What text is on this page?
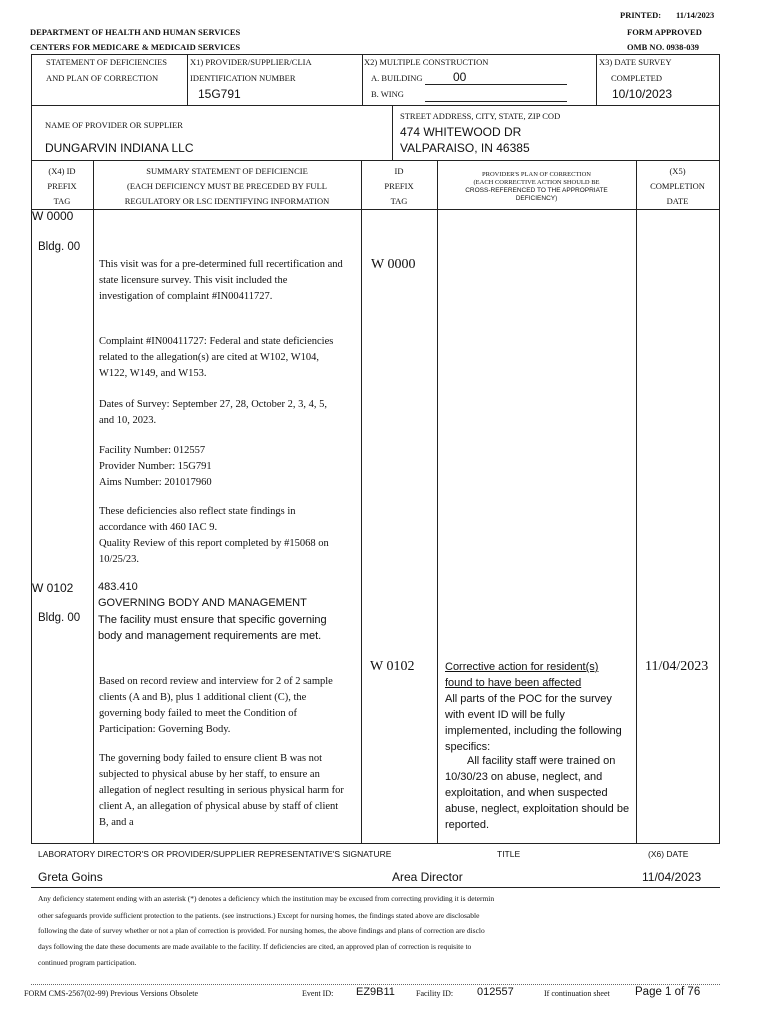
PRINTED: 11/14/2023
DEPARTMENT OF HEALTH AND HUMAN SERVICES	FORM APPROVED
CENTERS FOR MEDICARE & MEDICAID SERVICES	OMB NO. 0938-039
STATEMENT OF DEFICIENCIES
AND PLAN OF CORRECTION
X1) PROVIDER/SUPPLIER/CLIA
IDENTIFICATION NUMBER
15G791
X2) MULTIPLE CONSTRUCTION
A. BUILDING	00
B. WING
X3) DATE SURVEY
COMPLETED
10/10/2023
NAME OF PROVIDER OR SUPPLIER
DUNGARVIN INDIANA LLC
STREET ADDRESS, CITY, STATE, ZIP COD
474 WHITEWOOD DR
VALPARAISO, IN 46385
(X4) ID
PREFIX
TAG
SUMMARY STATEMENT OF DEFICIENCIE
(EACH DEFICIENCY MUST BE PRECEDED BY FULL
REGULATORY OR LSC IDENTIFYING INFORMATION
ID
PREFIX
TAG
PROVIDER'S PLAN OF CORRECTION
(EACH CORRECTIVE ACTION SHOULD BE
CROSS-REFERENCED TO THE APPROPRIATE
DEFICIENCY)
(X5)
COMPLETION
DATE
W 0000
Bldg. 00
This visit was for a pre-determined full recertification and state licensure survey. This visit included the investigation of complaint #IN00411727.
Complaint #IN00411727: Federal and state deficiencies related to the allegation(s) are cited at W102, W104, W122, W149, and W153.
Dates of Survey: September 27, 28, October 2, 3, 4, 5, and 10, 2023.
Facility Number: 012557
Provider Number: 15G791
Aims Number: 201017960
These deficiencies also reflect state findings in accordance with 460 IAC 9.
Quality Review of this report completed by #15068 on 10/25/23.
W 0000
W 0102
Bldg. 00
483.410
GOVERNING BODY AND MANAGEMENT
The facility must ensure that specific governing body and management requirements are met.
Based on record review and interview for 2 of 2 sample clients (A and B), plus 1 additional client (C), the governing body failed to meet the Condition of Participation: Governing Body.
The governing body failed to ensure client B was not subjected to physical abuse by her staff, to ensure an allegation of neglect resulting in serious physical harm for client A, an allegation of physical abuse by staff of client B, and a
W 0102	Corrective action for resident(s) found to have been affected
All parts of the POC for the survey with event ID will be fully implemented, including the following specifics:
All facility staff were trained on 10/30/23 on abuse, neglect, and exploitation, and when suspected abuse, neglect, exploitation should be reported.
11/04/2023
LABORATORY DIRECTOR'S OR PROVIDER/SUPPLIER REPRESENTATIVE'S SIGNATURE	TITLE	(X6) DATE
Greta Goins	Area Director	11/04/2023
Any deficiency statement ending with an asterisk (*) denotes a deficiency which the institution may be excused from correcting providing it is determin
other safeguards provide sufficient protection to the patients. (see instructions.) Except for nursing homes, the findings stated above are disclosable
following the date of survey whether or not a plan of correction is provided. For nursing homes, the above findings and plans of correction are disclo
days following the date these documents are made available to the facility. If deficiencies are cited, an approved plan of correction is requisite to
continued program participation.
FORM CMS-2567(02-99) Previous Versions Obsolete	Event ID: EZ9B11	Facility ID: 012557	If continuation sheet Page 1 of 76
